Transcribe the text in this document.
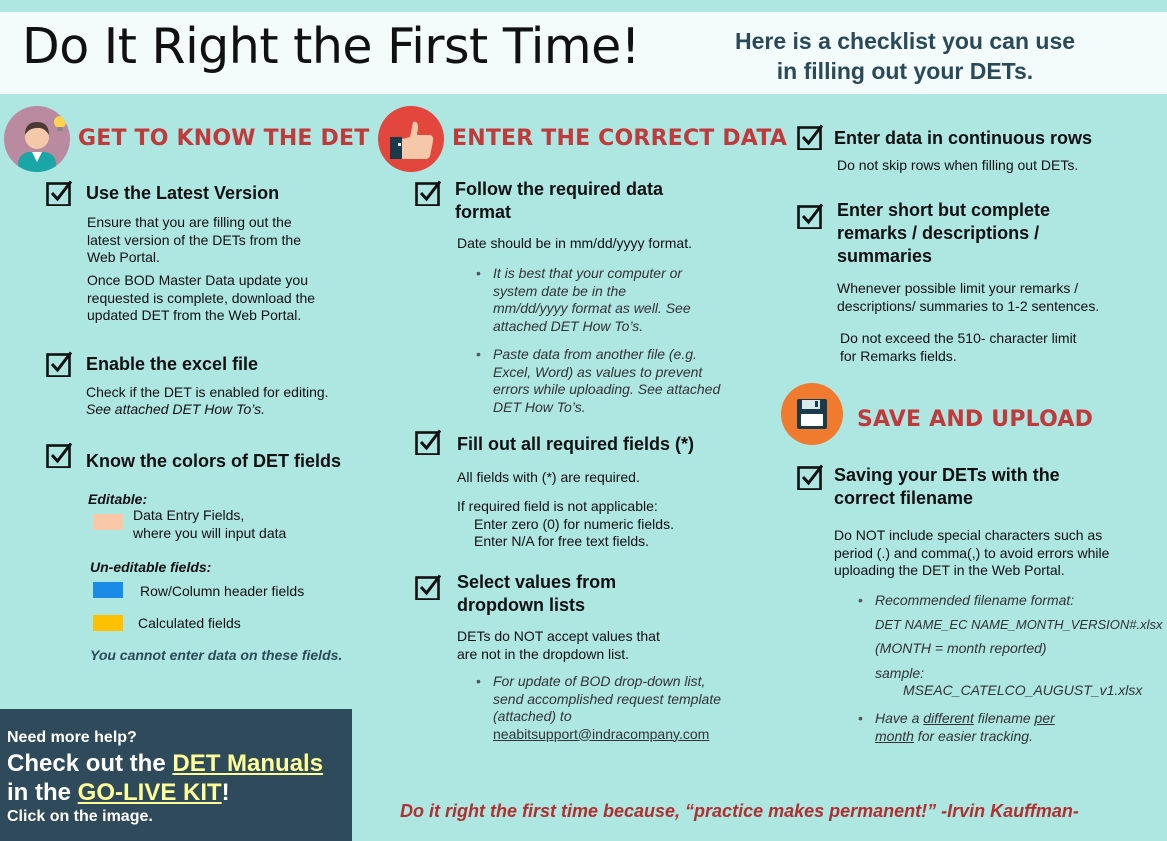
Do It Right the First Time!	Here is a checklist you can use
in filling out your DETs.
GET TO KNOW THE DET
Use the Latest Version
Ensure that you are filling out the
latest version of the DETs from the
Web Portal.
Once BOD Master Data update you
requested is complete, download the
updated DET from the Web Portal.
Enable the excel file
Check if the DET is enabled for editing.
See attached DET How To’s.
Know the colors of DET fields
Editable:
Data Entry Fields,
where you will input data
Un-editable fields:
Row/Column header fields
Calculated fields
You cannot enter data on these fields.
ENTER THE CORRECT DATA
Follow the required data
format
Date should be in mm/dd/yyyy format.
• It is best that your computer or
system date be in the
mm/dd/yyyy format as well. See
attached DET How To’s.
• Paste data from another file (e.g.
Excel, Word) as values to prevent
errors while uploading. See attached
DET How To’s.
Fill out all required fields (*)
All fields with (*) are required.
If required field is not applicable:
Enter zero (0) for numeric fields.
Enter N/A for free text fields.
Select values from
dropdown lists
DETs do NOT accept values that
are not in the dropdown list.
• For update of BOD drop-down list,
send accomplished request template
(attached) to
neabitsupport@indracompany.com
Enter data in continuous rows
Do not skip rows when filling out DETs.
Enter short but complete
remarks / descriptions /
summaries
Whenever possible limit your remarks /
descriptions/ summaries to 1-2 sentences.
Do not exceed the 510- character limit
for Remarks fields.
SAVE AND UPLOAD
Saving your DETs with the
correct filename
Do NOT include special characters such as
period (.) and comma(,) to avoid errors while
uploading the DET in the Web Portal.
• Recommended filename format:
DET NAME_EC NAME_MONTH_VERSION#.xlsx
(MONTH = month reported)
sample:
MSEAC_CATELCO_AUGUST_v1.xlsx
• Have a different filename per
month for easier tracking.
Need more help?
Check out the DET Manuals
in the GO-LIVE KIT!
Click on the image.	Do it right the first time because, “practice makes permanent!” -Irvin Kauffman-
